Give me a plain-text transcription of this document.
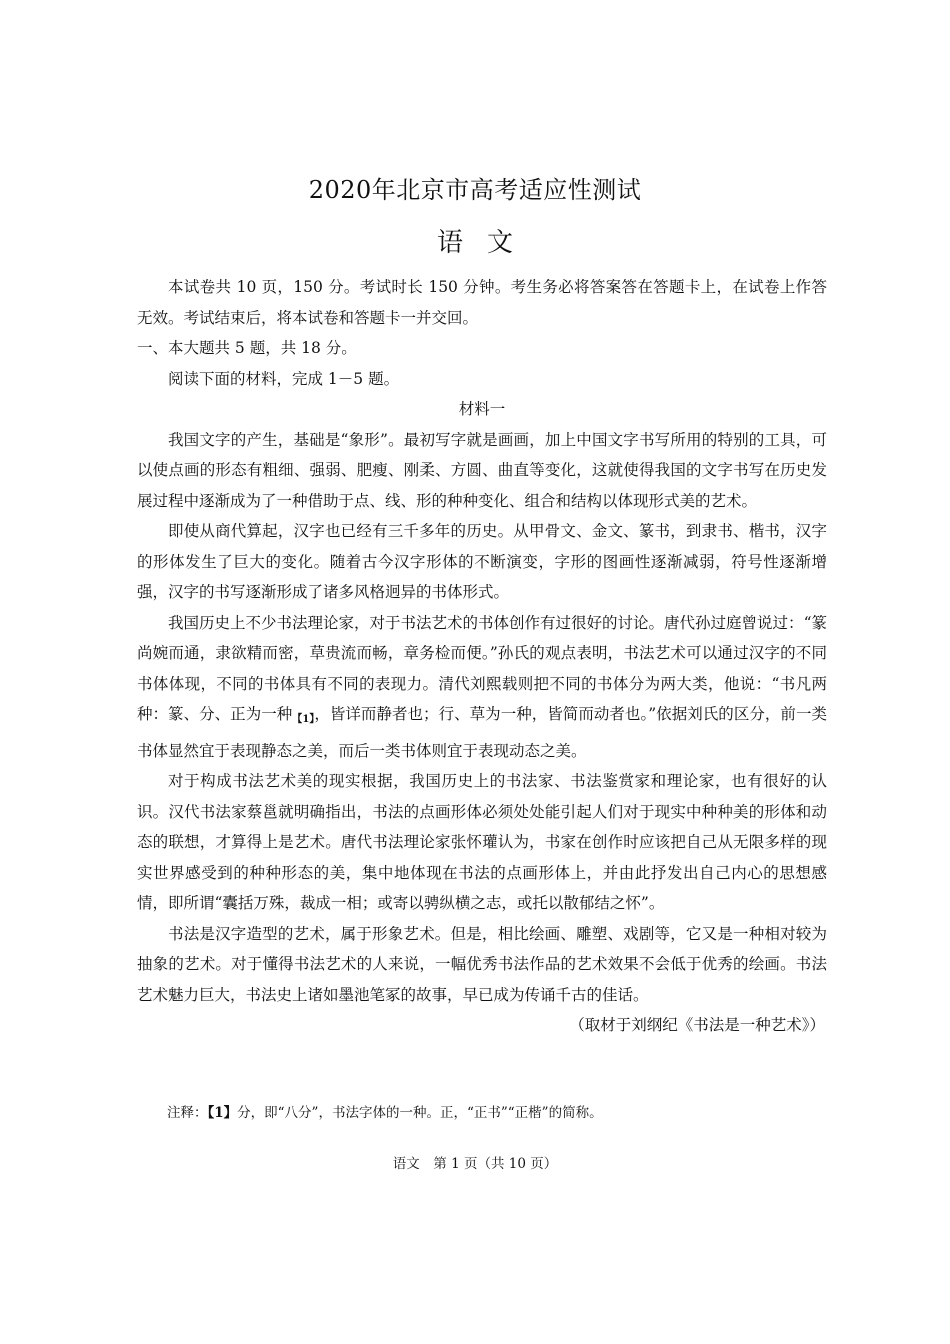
2020年北京市高考适应性测试
语文

本试卷共 10 页，150 分。考试时长 150 分钟。考生务必将答案答在答题卡上，在试卷上作答无效。考试结束后，将本试卷和答题卡一并交回。

一、本大题共 5 题，共 18 分。

阅读下面的材料，完成 1－5 题。

材料一

我国文字的产生，基础是“象形”。最初写字就是画画，加上中国文字书写所用的特别的工具，可以使点画的形态有粗细、强弱、肥瘦、刚柔、方圆、曲直等变化，这就使得我国的文字书写在历史发展过程中逐渐成为了一种借助于点、线、形的种种变化、组合和结构以体现形式美的艺术。

即使从商代算起，汉字也已经有三千多年的历史。从甲骨文、金文、篆书，到隶书、楷书，汉字的形体发生了巨大的变化。随着古今汉字形体的不断演变，字形的图画性逐渐减弱，符号性逐渐增强，汉字的书写逐渐形成了诸多风格迥异的书体形式。

我国历史上不少书法理论家，对于书法艺术的书体创作有过很好的讨论。唐代孙过庭曾说过：“篆尚婉而通，隶欲精而密，草贵流而畅，章务检而便。”孙氏的观点表明，书法艺术可以通过汉字的不同书体体现，不同的书体具有不同的表现力。清代刘熙载则把不同的书体分为两大类，他说：“书凡两种：篆、分、正为一种$_{【1】}$，皆详而静者也；行、草为一种，皆简而动者也。”依据刘氏的区分，前一类书体显然宜于表现静态之美，而后一类书体则宜于表现动态之美。

对于构成书法艺术美的现实根据，我国历史上的书法家、书法鉴赏家和理论家，也有很好的认识。汉代书法家蔡邕就明确指出，书法的点画形体必须处处能引起人们对于现实中种种美的形体和动态的联想，才算得上是艺术。唐代书法理论家张怀瓘认为，书家在创作时应该把自己从无限多样的现实世界感受到的种种形态的美，集中地体现在书法的点画形体上，并由此抒发出自己内心的思想感情，即所谓“囊括万殊，裁成一相；或寄以骋纵横之志，或托以散郁结之怀”。

书法是汉字造型的艺术，属于形象艺术。但是，相比绘画、雕塑、戏剧等，它又是一种相对较为抽象的艺术。对于懂得书法艺术的人来说，一幅优秀书法作品的艺术效果不会低于优秀的绘画。书法艺术魅力巨大，书法史上诸如墨池笔冢的故事，早已成为传诵千古的佳话。

（取材于刘纲纪《书法是一种艺术》）

注释：【1】分，即“八分”，书法字体的一种。正，“正书”“正楷”的简称。
语文　第 1 页（共 10 页）
